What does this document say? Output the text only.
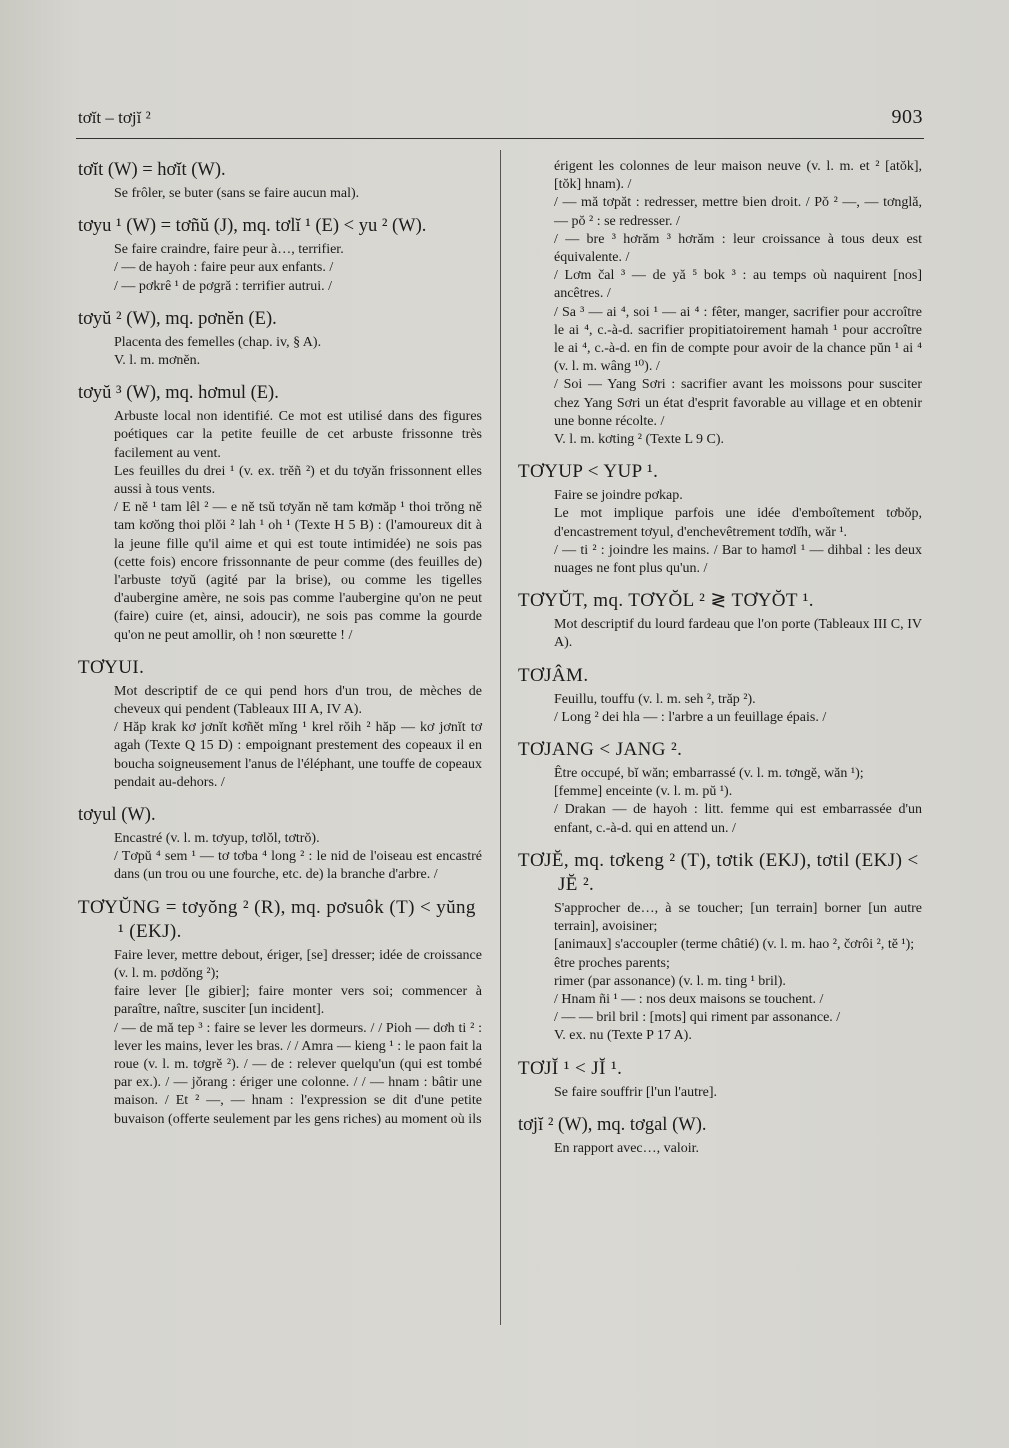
tơĭt – tơjĭ ²	903
tơĭt (W) = hơĭt (W).

Se frôler, se buter (sans se faire aucun mal).

tơyu ¹ (W) = tơñŭ (J), mq. tơlĭ ¹ (E) < yu ² (W).

Se faire craindre, faire peur à…, terrifier.

/ — de hayoh : faire peur aux enfants. /

/ — pơkrê ¹ de pơgră : terrifier autrui. /

tơyŭ ² (W), mq. pơnĕn (E).

Placenta des femelles (chap. iv, § A).

V. l. m. mơnĕn.

tơyŭ ³ (W), mq. hơmul (E).

Arbuste local non identifié. Ce mot est utilisé dans des figures poétiques car la petite feuille de cet arbuste frissonne très facilement au vent.

Les feuilles du drei ¹ (v. ex. trĕñ ²) et du tơyăn frissonnent elles aussi à tous vents.

/ E nĕ ¹ tam lêl ² — e nĕ tsŭ tơyăn nĕ tam kơmăp ¹ thoi trŏng nĕ tam kơŏng thoi plŏi ² lah ¹ oh ¹ (Texte H 5 B) : (l'amoureux dit à la jeune fille qu'il aime et qui est toute intimidée) ne sois pas (cette fois) encore frissonnante de peur comme (des feuilles de) l'arbuste tơyŭ (agité par la brise), ou comme les tigelles d'aubergine amère, ne sois pas comme l'aubergine qu'on ne peut (faire) cuire (et, ainsi, adoucir), ne sois pas comme la gourde qu'on ne peut amollir, oh ! non sœurette ! /

TƠYUI.

Mot descriptif de ce qui pend hors d'un trou, de mèches de cheveux qui pendent (Tableaux III A, IV A).

/ Hăp krak kơ jơnĭt kơñĕt mĭng ¹ krel rŏih ² hăp — kơ jơnĭt tơ agah (Texte Q 15 D) : empoignant prestement des copeaux il en boucha soigneusement l'anus de l'éléphant, une touffe de copeaux pendait au-dehors. /

tơyul (W).

Encastré (v. l. m. tơyup, tơlŏl, tơtrŏ).

/ Tơpŭ ⁴ sem ¹ — tơ tơba ⁴ long ² : le nid de l'oiseau est encastré dans (un trou ou une fourche, etc. de) la branche d'arbre. /

TƠYŬNG = tơyŏng ² (R), mq. pơsuôk (T) < yŭng ¹ (EKJ).

Faire lever, mettre debout, ériger, [se] dresser; idée de croissance (v. l. m. pơdŏng ²);

faire lever [le gibier]; faire monter vers soi; commencer à paraître, naître, susciter [un incident].

/ — de mă tep ³ : faire se lever les dormeurs. / / Pioh — dơh ti ² : lever les mains, lever les bras. / / Amra — kieng ¹ : le paon fait la roue (v. l. m. tơgrĕ ²). / — de : relever quelqu'un (qui est tombé par ex.). / — jŏrang : ériger une colonne. / / — hnam : bâtir une maison. / Et ² —, — hnam : l'expression se dit d'une petite buvaison (offerte seulement par les gens riches) au moment où ils

érigent les colonnes de leur maison neuve (v. l. m. et ² [atŏk], [tŏk] hnam). /

/ — mă tơpăt : redresser, mettre bien droit. / Pŏ ² —, — tơnglă, — pŏ ² : se redresser. /

/ — bre ³ hơrăm ³ hơrăm : leur croissance à tous deux est équivalente. /

/ Lơm čal ³ — de yă ⁵ bok ³ : au temps où naquirent [nos] ancêtres. /

/ Sa ³ — ai ⁴, soi ¹ — ai ⁴ : fêter, manger, sacrifier pour accroître le ai ⁴, c.-à-d. sacrifier propitiatoirement hamah ¹ pour accroître le ai ⁴, c.-à-d. en fin de compte pour avoir de la chance pŭn ¹ ai ⁴ (v. l. m. wâng ¹⁰). /

/ Soi — Yang Sơri : sacrifier avant les moissons pour susciter chez Yang Sơri un état d'esprit favorable au village et en obtenir une bonne récolte. /

V. l. m. kơting ² (Texte L 9 C).

TƠYUP < YUP ¹.

Faire se joindre pơkap.

Le mot implique parfois une idée d'emboîtement tơbŏp, d'encastrement tơyul, d'enchevêtrement tơdĭh, wăr ¹.

/ — ti ² : joindre les mains. / Bar to hamơl ¹ — dihbal : les deux nuages ne font plus qu'un. /

TƠYŬT, mq. TƠYŎL ² ≷ TƠYŎT ¹.

Mot descriptif du lourd fardeau que l'on porte (Tableaux III C, IV A).

TƠJÂM.

Feuillu, touffu (v. l. m. seh ², trăp ²).

/ Long ² dei hla — : l'arbre a un feuillage épais. /

TƠJANG < JANG ².

Être occupé, bĭ wăn; embarrassé (v. l. m. tơngĕ, wăn ¹);

[femme] enceinte (v. l. m. pŭ ¹).

/ Drakan — de hayoh : litt. femme qui est embarrassée d'un enfant, c.-à-d. qui en attend un. /

TƠJĔ, mq. tơkeng ² (T), tơtik (EKJ), tơtil (EKJ) < JĔ ².

S'approcher de…, à se toucher; [un terrain] borner [un autre terrain], avoisiner;

[animaux] s'accoupler (terme châtié) (v. l. m. hao ², čơrôi ², tĕ ¹);

être proches parents;

rimer (par assonance) (v. l. m. ting ¹ bril).

/ Hnam ñi ¹ — : nos deux maisons se touchent. /

/ — — bril bril : [mots] qui riment par assonance. /

V. ex. nu (Texte P 17 A).

TƠJĬ ¹ < JĬ ¹.

Se faire souffrir [l'un l'autre].

tơjĭ ² (W), mq. tơgal (W).

En rapport avec…, valoir.
